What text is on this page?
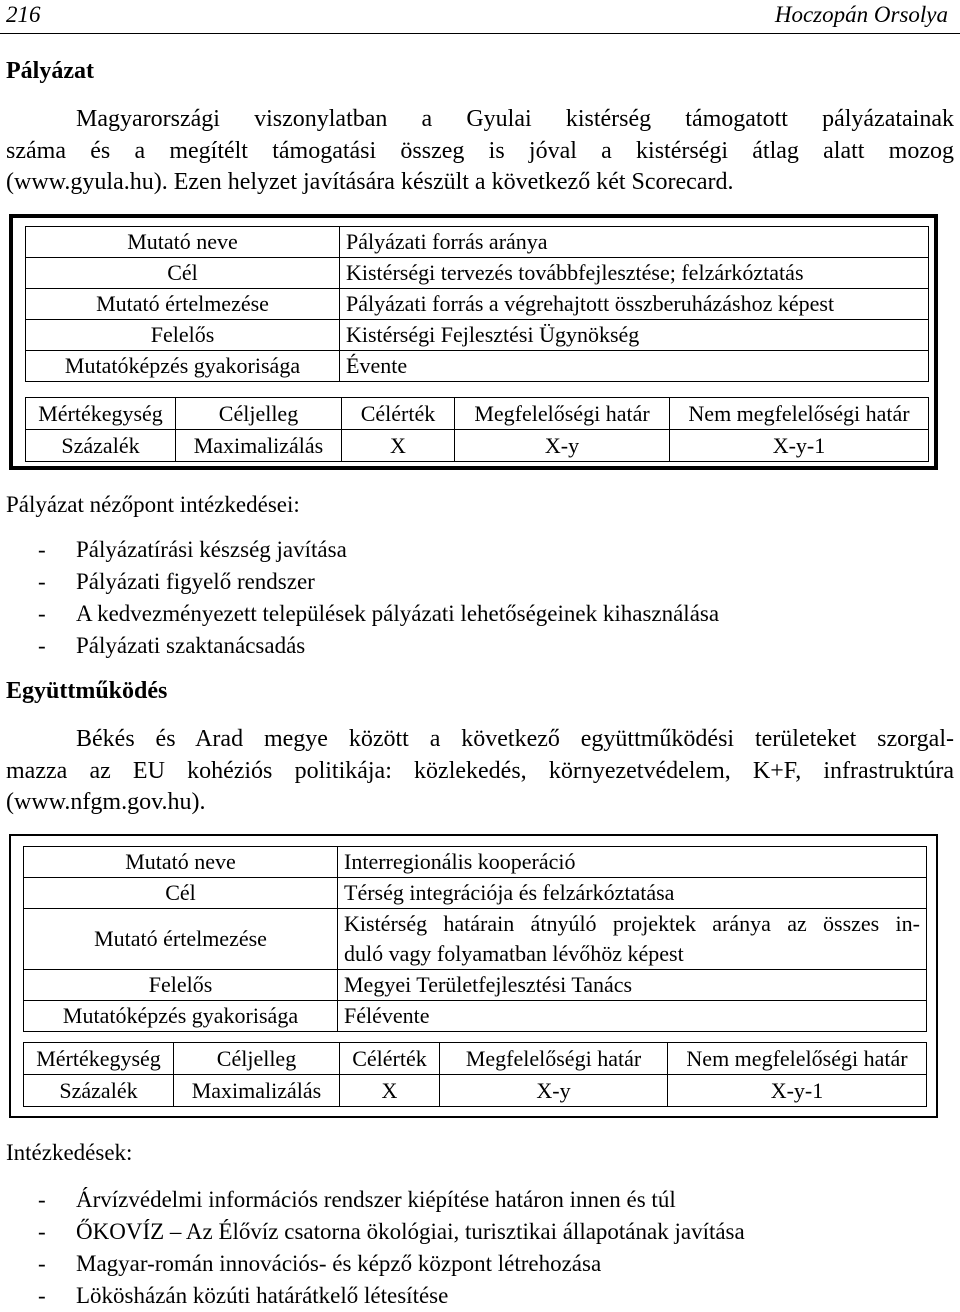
216	Hoczopán Orsolya
Pályázat
Magyarországi viszonylatban a Gyulai kistérség támogatott pályázatainak
száma és a megítélt támogatási összeg is jóval a kistérségi átlag alatt mozog
(www.gyula.hu). Ezen helyzet javítására készült a következő két Scorecard.
Mutató neve	Pályázati forrás aránya
Cél	Kistérségi tervezés továbbfejlesztése; felzárkóztatás
Mutató értelmezése	Pályázati forrás a végrehajtott összberuházáshoz képest
Felelős	Kistérségi Fejlesztési Ügynökség
Mutatóképzés gyakorisága	Évente
Mértékegység	Céljelleg	Célérték	Megfelelőségi határ	Nem megfelelőségi határ
Százalék	Maximalizálás	X	X-y	X-y-1
Pályázat nézőpont intézkedései:
- Pályázatírási készség javítása
- Pályázati figyelő rendszer
- A kedvezményezett települések pályázati lehetőségeinek kihasználása
- Pályázati szaktanácsadás
Együttműködés
Békés és Arad megye között a következő együttműködési területeket szorgal-
mazza az EU kohéziós politikája: közlekedés, környezetvédelem, K+F, infrastruktúra
(www.nfgm.gov.hu).
Mutató neve	Interregionális kooperáció
Cél	Térség integrációja és felzárkóztatása
Mutató értelmezése	Kistérség határain átnyúló projektek aránya az összes in-
duló vagy folyamatban lévőhöz képest

Felelős	Megyei Területfejlesztési Tanács
Mutatóképzés gyakorisága	Félévente
Mértékegység	Céljelleg	Célérték	Megfelelőségi határ	Nem megfelelőségi határ
Százalék	Maximalizálás	X	X-y	X-y-1
Intézkedések:
- Árvízvédelmi információs rendszer kiépítése határon innen és túl
- ŐKOVÍZ – Az Élővíz csatorna ökológiai, turisztikai állapotának javítása
- Magyar-román innovációs- és képző központ létrehozása
- Lökösházán közúti határátkelő létesítése
